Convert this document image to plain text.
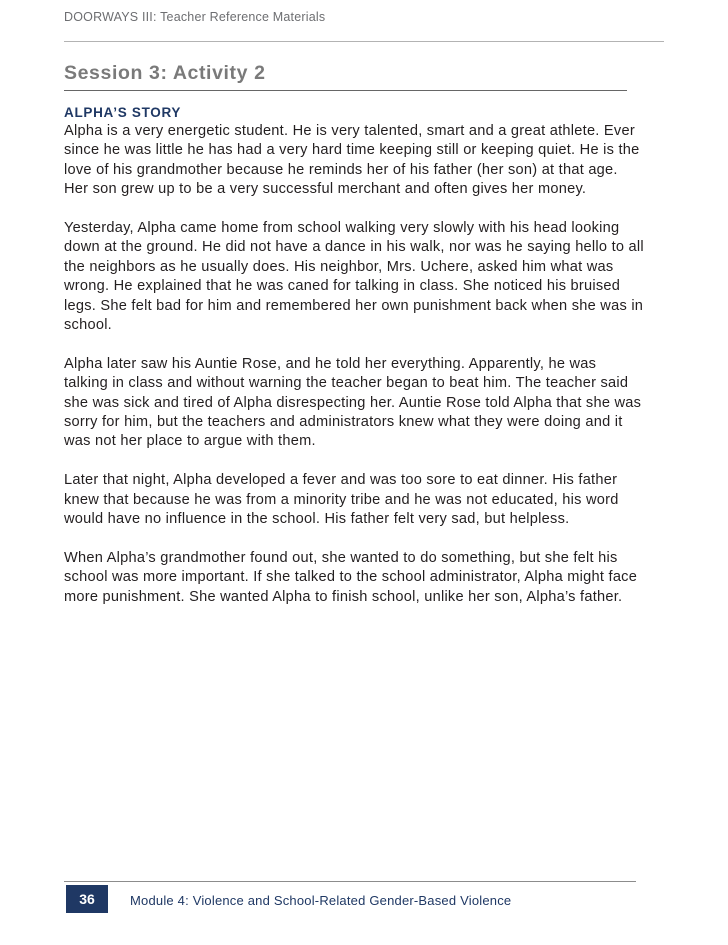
DOORWAYS III: Teacher Reference Materials
Session 3: Activity 2

ALPHA’S STORY

Alpha is a very energetic student. He is very talented, smart and a great athlete. Ever since he was little he has had a very hard time keeping still or keeping quiet. He is the love of his grandmother because he reminds her of his father (her son) at that age. Her son grew up to be a very successful merchant and often gives her money.

Yesterday, Alpha came home from school walking very slowly with his head looking down at the ground. He did not have a dance in his walk, nor was he saying hello to all the neighbors as he usually does. His neighbor, Mrs. Uchere, asked him what was wrong. He explained that he was caned for talking in class. She noticed his bruised legs. She felt bad for him and remembered her own punishment back when she was in school.

Alpha later saw his Auntie Rose, and he told her everything. Apparently, he was talking in class and without warning the teacher began to beat him. The teacher said she was sick and tired of Alpha disrespecting her. Auntie Rose told Alpha that she was sorry for him, but the teachers and administrators knew what they were doing and it was not her place to argue with them.

Later that night, Alpha developed a fever and was too sore to eat dinner. His father knew that because he was from a minority tribe and he was not educated, his word would have no influence in the school. His father felt very sad, but helpless.

When Alpha’s grandmother found out, she wanted to do something, but she felt his school was more important. If she talked to the school administrator, Alpha might face more punishment. She wanted Alpha to finish school, unlike her son, Alpha’s father.

36	Module 4: Violence and School-Related Gender-Based Violence
